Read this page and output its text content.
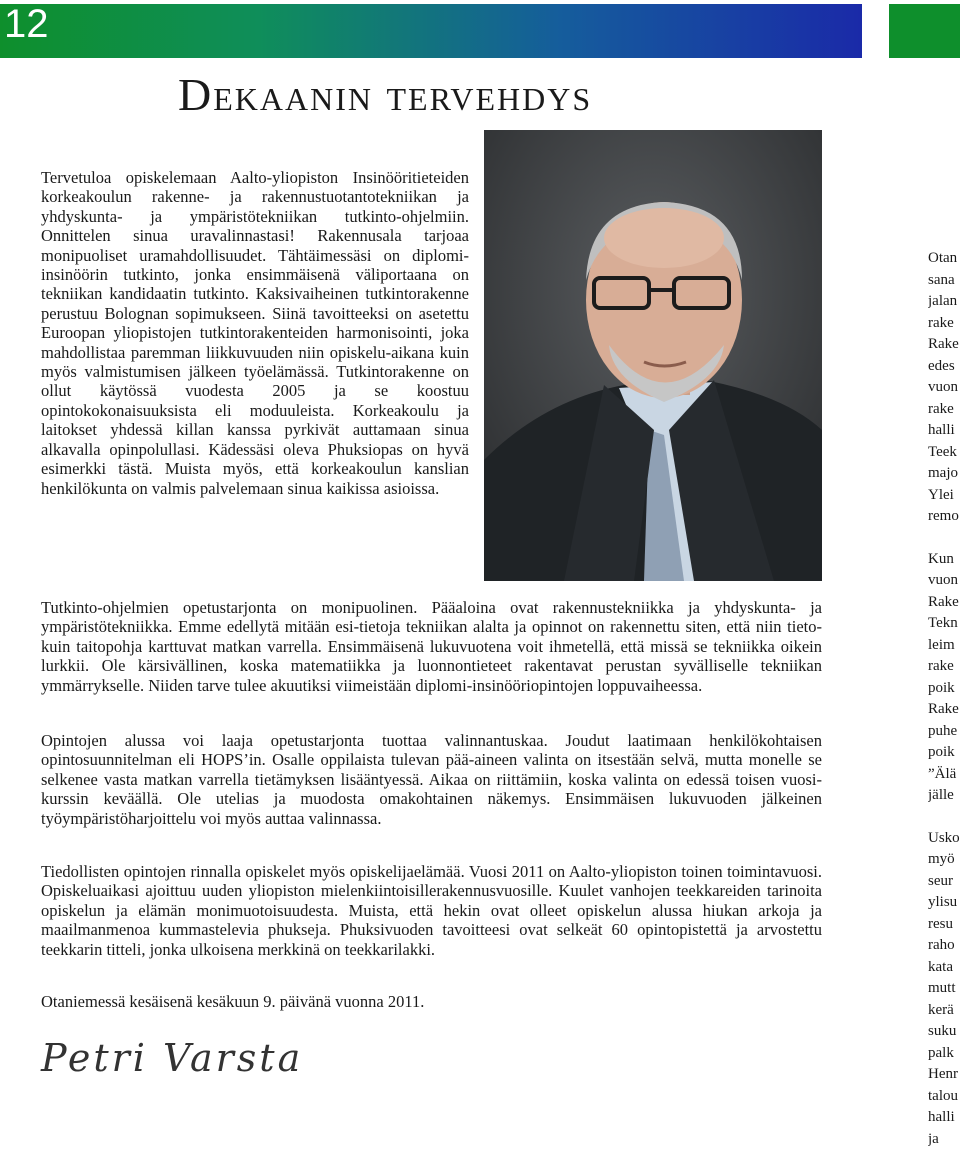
12
Dekaanin tervehdys

Tervetuloa opiskelemaan Aalto-yliopiston Insinööritieteiden korkeakoulun rakenne- ja rakennustuotantotekniikan ja yhdyskunta- ja ympäristötekniikan tutkinto-ohjelmiin. Onnittelen sinua uravalinnastasi! Rakennusala tarjoaa monipuoliset uramahdollisuudet. Tähtäimessäsi on diplomi-insinöörin tutkinto, jonka ensimmäisenä väliportaana on tekniikan kandidaatin tutkinto. Kaksivaiheinen tutkintorakenne perustuu Bolognan sopimukseen. Siinä tavoitteeksi on asetettu Euroopan yliopistojen tutkintorakenteiden harmonisointi, joka mahdollistaa paremman liikkuvuuden niin opiskelu-aikana kuin myös valmistumisen jälkeen työelämässä. Tutkintorakenne on ollut käytössä vuodesta 2005 ja se koostuu opintokokonaisuuksista eli moduuleista. Korkeakoulu ja laitokset yhdessä killan kanssa pyrkivät auttamaan sinua alkavalla opinpolullasi. Kädessäsi oleva Phuksiopas on hyvä esimerkki tästä. Muista myös, että korkeakoulun kanslian henkilökunta on valmis palvelemaan sinua kaikissa asioissa.

Tutkinto-ohjelmien opetustarjonta on monipuolinen. Pääaloina ovat rakennustekniikka ja yhdyskunta- ja ympäristötekniikka. Emme edellytä mitään esi-tietoja tekniikan alalta ja opinnot on rakennettu siten, että niin tieto- kuin taitopohja karttuvat matkan varrella. Ensimmäisenä lukuvuotena voit ihmetellä, että missä se tekniikka oikein lurkkii. Ole kärsivällinen, koska matematiikka ja luonnontieteet rakentavat perustan syvälliselle tekniikan ymmärrykselle. Niiden tarve tulee akuutiksi viimeistään diplomi-insinööriopintojen loppuvaiheessa.

Opintojen alussa voi laaja opetustarjonta tuottaa valinnantuskaa. Joudut laatimaan henkilökohtaisen opintosuunnitelman eli HOPS’in. Osalle oppilaista tulevan pää-aineen valinta on itsestään selvä, mutta monelle se selkenee vasta matkan varrella tietämyksen lisääntyessä. Aikaa on riittämiin, koska valinta on edessä toisen vuosi-kurssin keväällä. Ole utelias ja muodosta omakohtainen näkemys. Ensimmäisen lukuvuoden jälkeinen työympäristöharjoittelu voi myös auttaa valinnassa.

Tiedollisten opintojen rinnalla opiskelet myös opiskelijaelämää. Vuosi 2011 on Aalto-yliopiston toinen toimintavuosi. Opiskeluaikasi ajoittuu uuden yliopiston mielenkiintoisillerakennusvuosille. Kuulet vanhojen teekkareiden tarinoita opiskelun ja elämän monimuotoisuudesta. Muista, että hekin ovat olleet opiskelun alussa hiukan arkoja ja maailmanmenoa kummastelevia phukseja. Phuksivuoden tavoitteesi ovat selkeät 60 opintopistettä ja arvostettu teekkarin titteli, jonka ulkoisena merkkinä on teekkarilakki.

Otaniemessä kesäisenä kesäkuun 9. päivänä vuonna 2011.

Petri Varsta
Otan
sana
jalan
rake
Rake
edes
vuon
rake
halli
Teek
majo
Ylei
remo
Kun
vuon
Rake
Tekn
leim
rake
poik
Rake
puhe
poik
”Älä
jälle
Usko
myö
seur
ylisu
resu
raho
kata
mutt
kerä
suku
palk
Henr
talou
halli
ja
